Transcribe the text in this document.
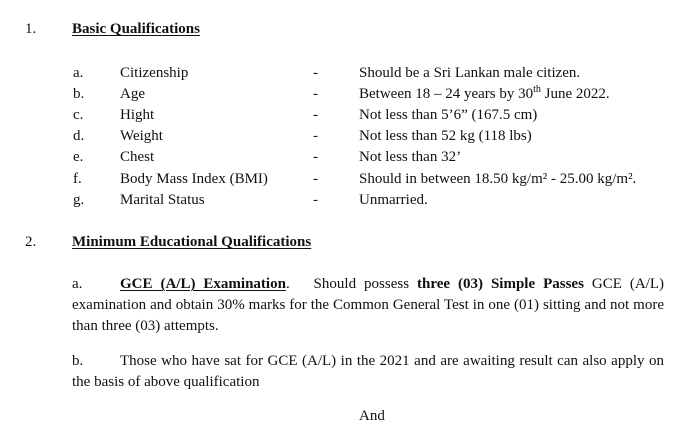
1. Basic Qualifications
a. Citizenship	-	Should be a Sri Lankan male citizen.
b. Age	-	Between 18 – 24 years by 30th June 2022.
c. Hight	-	Not less than 5’6” (167.5 cm)
d. Weight	-	Not less than 52 kg (118 lbs)
e. Chest	-	Not less than 32’
f.	Body Mass Index (BMI)	-	Should in between 18.50 kg/m² - 25.00 kg/m².
g. Marital Status	-	Unmarried.
2. Minimum Educational Qualifications
a.	GCE (A/L) Examination.   Should possess three (03) Simple Passes GCE (A/L) examination and obtain 30% marks for the Common General Test in one (01) sitting and not more than three (03) attempts.
b. Those who have sat for GCE (A/L) in the 2021 and are awaiting result can also apply on the basis of above qualification
And
